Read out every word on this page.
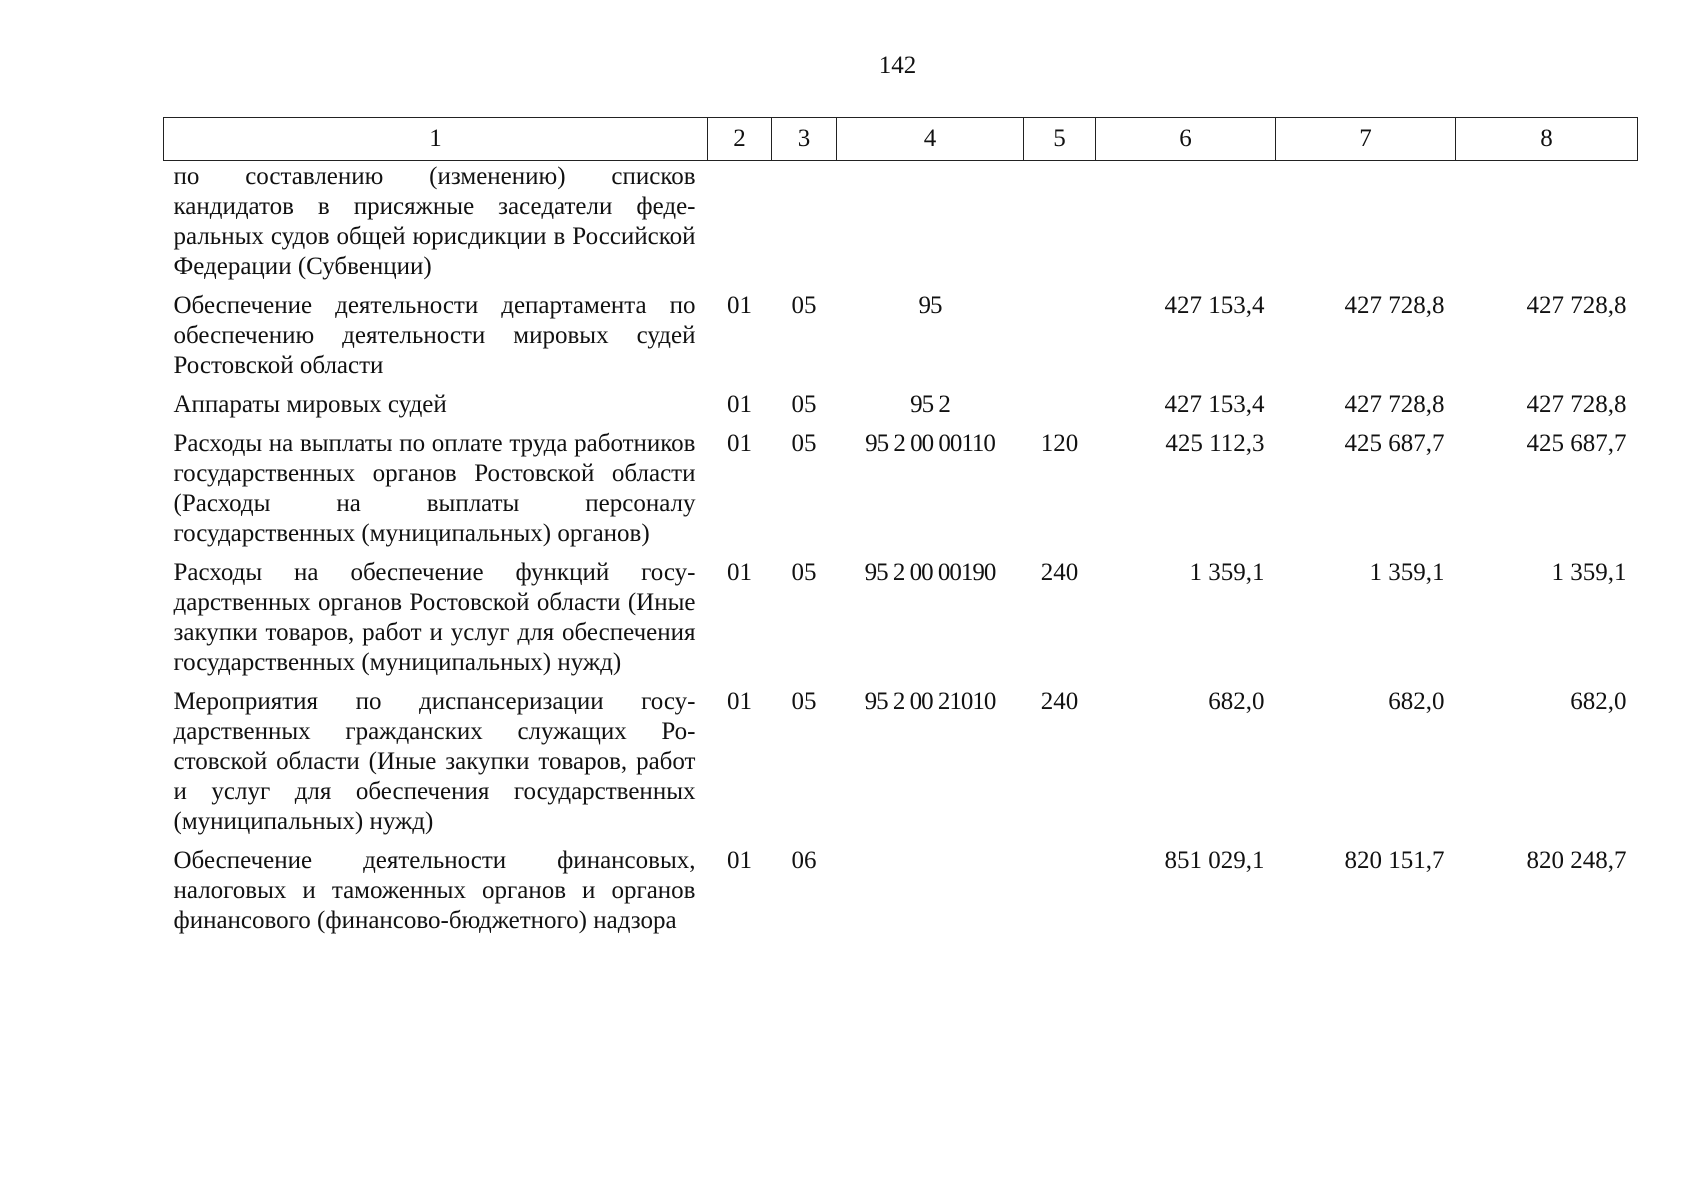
142
1	2	3	4	5	6	7	8
по составлению (изменению) списков кандидатов в присяжные заседатели федеральных судов общей юрисдикции в Российской Федерации (Субвенции)							
Обеспечение деятельности департамента по обеспечению деятельности мировых судей Ростовской области	01	05	95		427 153,4	427 728,8	427 728,8
Аппараты мировых судей	01	05	95 2		427 153,4	427 728,8	427 728,8
Расходы на выплаты по оплате труда работников государственных органов Ростовской области (Расходы на выплаты персоналу государственных (муниципальных) органов)	01	05	95 2 00 00110	120	425 112,3	425 687,7	425 687,7
Расходы на обеспечение функций государственных органов Ростовской области (Иные закупки товаров, работ и услуг для обеспечения государственных (муниципальных) нужд)	01	05	95 2 00 00190	240	1 359,1	1 359,1	1 359,1
Мероприятия по диспансеризации государственных гражданских служащих Ростовской области (Иные закупки товаров, работ и услуг для обеспечения государственных (муниципальных) нужд)	01	05	95 2 00 21010	240	682,0	682,0	682,0
Обеспечение деятельности финансовых, налоговых и таможенных органов и органов финансового (финансово-бюджетного) надзора	01	06			851 029,1	820 151,7	820 248,7
